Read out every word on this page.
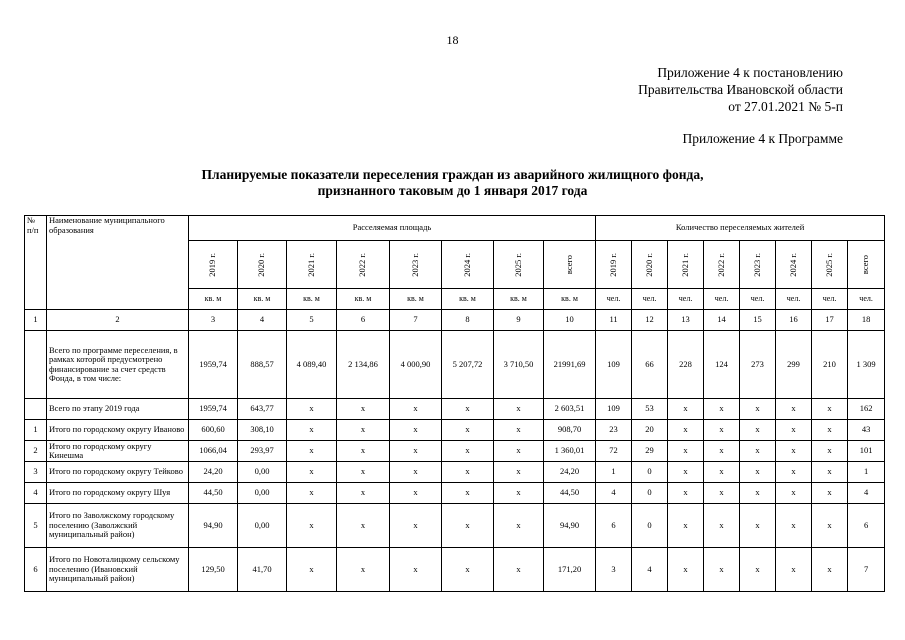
18
Приложение 4 к постановлению
Правительства Ивановской области
от 27.01.2021 № 5-п
Приложение 4 к Программе
Планируемые показатели переселения граждан из аварийного жилищного фонда,
признанного таковым до 1 января 2017 года
№ п/п	Наименование муниципального образования	Расселяемая площадь								Количество переселяемых жителей							

		2019 г.	2020 г.	2021 г.	2022 г.	2023 г.	2024 г.	2025 г.	всего	2019 г.	2020 г.	2021 г.	2022 г.	2023 г.	2024 г.	2025 г.	всего

		кв. м	кв. м	кв. м	кв. м	кв. м	кв. м	кв. м	кв. м	чел.	чел.	чел.	чел.	чел.	чел.	чел.	чел.
1	2	3	4	5	6	7	8	9	10	11	12	13	14	15	16	17	18
	Всего по программе переселения, в рамках которой предусмотрено финансирование за счет средств Фонда, в том числе:	1959,74	888,57	4 089,40	2 134,86	4 000,90	5 207,72	3 710,50	21991,69	109	66	228	124	273	299	210	1 309
	Всего по этапу 2019 года	1959,74	643,77	x	x	x	x	x	2 603,51	109	53	x	x	x	x	x	162
1	Итого по городскому округу Иваново	600,60	308,10	x	x	x	x	x	908,70	23	20	x	x	x	x	x	43
2	Итого по городскому округу Кинешма	1066,04	293,97	x	x	x	x	x	1 360,01	72	29	x	x	x	x	x	101
3	Итого по городскому округу Тейково	24,20	0,00	x	x	x	x	x	24,20	1	0	x	x	x	x	x	1
4	Итого по городскому округу Шуя	44,50	0,00	x	x	x	x	x	44,50	4	0	x	x	x	x	x	4
5	Итого по Заволжскому городскому поселению (Заволжский муниципальный район)	94,90	0,00	x	x	x	x	x	94,90	6	0	x	x	x	x	x	6
6	Итого по Новоталицкому сельскому поселению (Ивановский муниципальный район)	129,50	41,70	x	x	x	x	x	171,20	3	4	x	x	x	x	x	7
